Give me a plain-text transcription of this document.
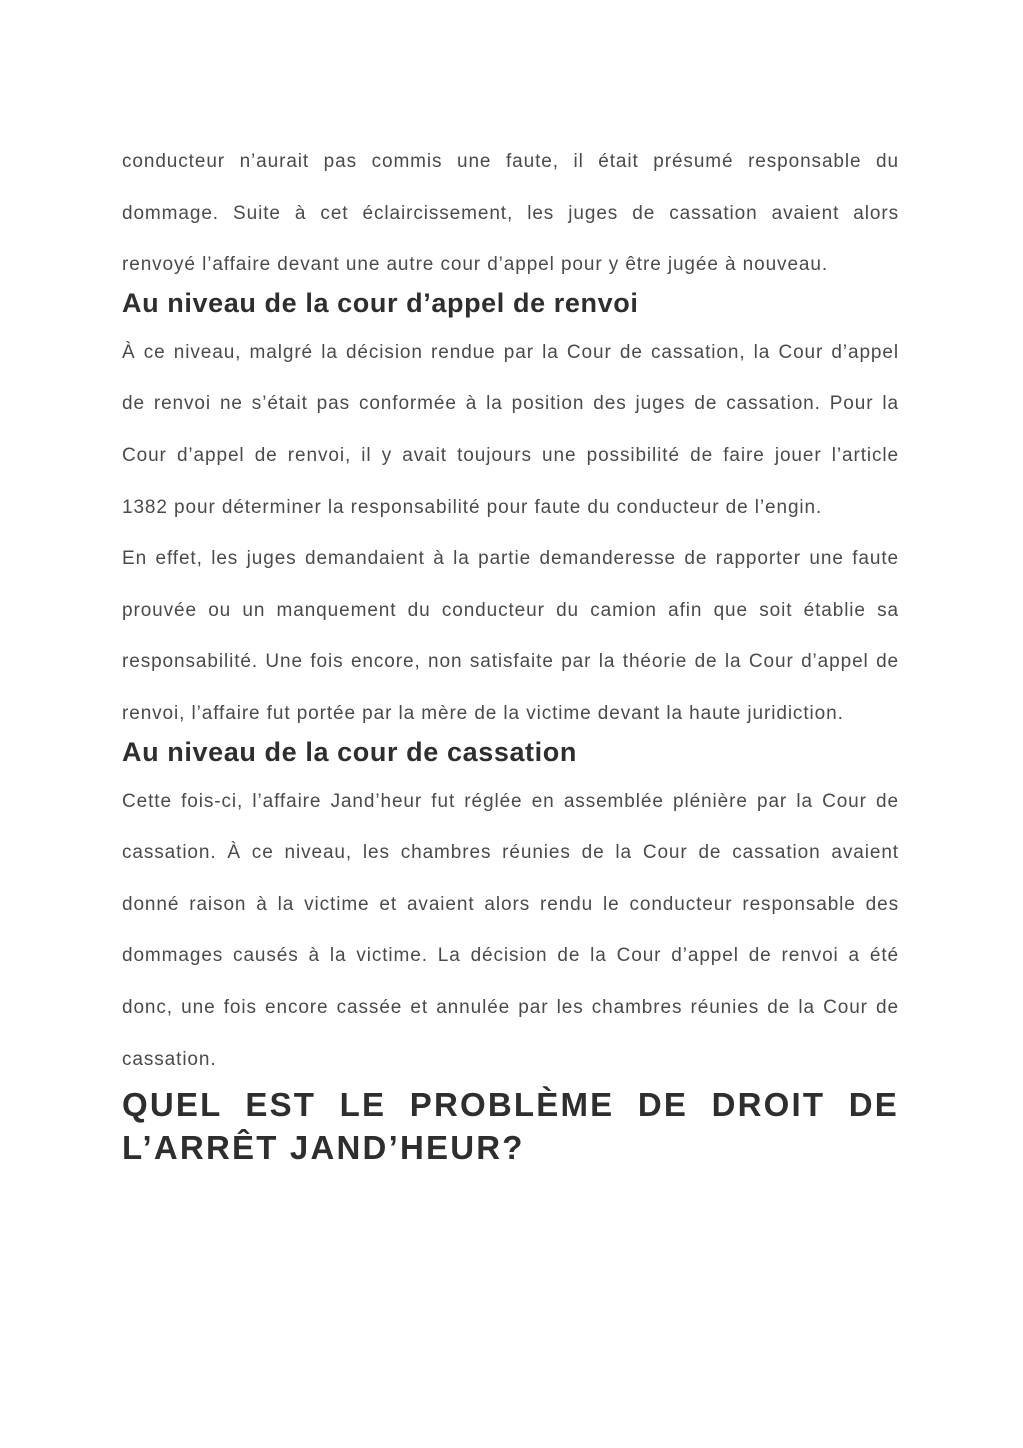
conducteur n’aurait pas commis une faute, il était présumé responsable du dommage. Suite à cet éclaircissement, les juges de cassation avaient alors renvoyé l’affaire devant une autre cour d’appel pour y être jugée à nouveau.

Au niveau de la cour d’appel de renvoi

À ce niveau, malgré la décision rendue par la Cour de cassation, la Cour d’appel de renvoi ne s’était pas conformée à la position des juges de cassation. Pour la Cour d’appel de renvoi, il y avait toujours une possibilité de faire jouer l’article 1382 pour déterminer la responsabilité pour faute du conducteur de l’engin.

En effet, les juges demandaient à la partie demanderesse de rapporter une faute prouvée ou un manquement du conducteur du camion afin que soit établie sa responsabilité. Une fois encore, non satisfaite par la théorie de la Cour d’appel de renvoi, l’affaire fut portée par la mère de la victime devant la haute juridiction.

Au niveau de la cour de cassation

Cette fois-ci, l’affaire Jand’heur fut réglée en assemblée plénière par la Cour de cassation. À ce niveau, les chambres réunies de la Cour de cassation avaient donné raison à la victime et avaient alors rendu le conducteur responsable des dommages causés à la victime. La décision de la Cour d’appel de renvoi a été donc, une fois encore cassée et annulée par les chambres réunies de la Cour de cassation.

QUEL EST LE PROBLÈME DE DROIT DE L’ARRÊT JAND’HEUR?
